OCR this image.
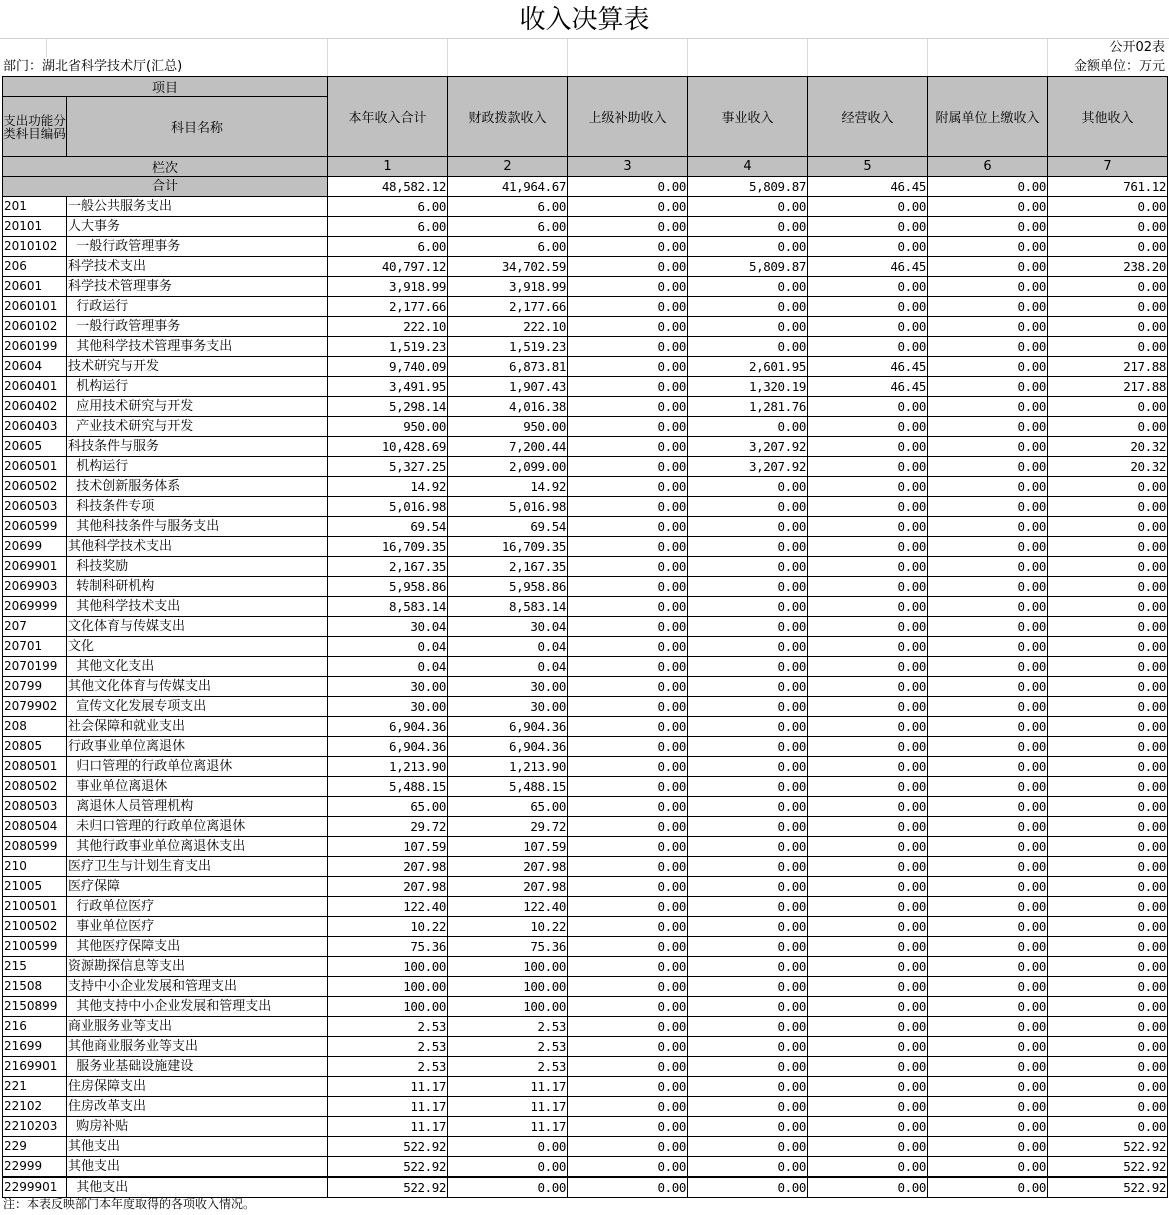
收入决算表
部门：湖北省科学技术厅(汇总)
公开02表
金额单位：万元
项目		本年收入合计	财政拨款收入	上级补助收入	事业收入	经营收入	附属单位上缴收入	其他收入
支出功能分类科目编码	科目名称							
栏次		1	2	3	4	5	6	7
合计		48,582.12	41,964.67	0.00	5,809.87	46.45	0.00	761.12
201	一般公共服务支出	6.00	6.00	0.00	0.00	0.00	0.00	0.00
20101	人大事务	6.00	6.00	0.00	0.00	0.00	0.00	0.00
2010102	一般行政管理事务	6.00	6.00	0.00	0.00	0.00	0.00	0.00
206	科学技术支出	40,797.12	34,702.59	0.00	5,809.87	46.45	0.00	238.20
20601	科学技术管理事务	3,918.99	3,918.99	0.00	0.00	0.00	0.00	0.00
2060101	行政运行	2,177.66	2,177.66	0.00	0.00	0.00	0.00	0.00
2060102	一般行政管理事务	222.10	222.10	0.00	0.00	0.00	0.00	0.00
2060199	其他科学技术管理事务支出	1,519.23	1,519.23	0.00	0.00	0.00	0.00	0.00
20604	技术研究与开发	9,740.09	6,873.81	0.00	2,601.95	46.45	0.00	217.88
2060401	机构运行	3,491.95	1,907.43	0.00	1,320.19	46.45	0.00	217.88
2060402	应用技术研究与开发	5,298.14	4,016.38	0.00	1,281.76	0.00	0.00	0.00
2060403	产业技术研究与开发	950.00	950.00	0.00	0.00	0.00	0.00	0.00
20605	科技条件与服务	10,428.69	7,200.44	0.00	3,207.92	0.00	0.00	20.32
2060501	机构运行	5,327.25	2,099.00	0.00	3,207.92	0.00	0.00	20.32
2060502	技术创新服务体系	14.92	14.92	0.00	0.00	0.00	0.00	0.00
2060503	科技条件专项	5,016.98	5,016.98	0.00	0.00	0.00	0.00	0.00
2060599	其他科技条件与服务支出	69.54	69.54	0.00	0.00	0.00	0.00	0.00
20699	其他科学技术支出	16,709.35	16,709.35	0.00	0.00	0.00	0.00	0.00
2069901	科技奖励	2,167.35	2,167.35	0.00	0.00	0.00	0.00	0.00
2069903	转制科研机构	5,958.86	5,958.86	0.00	0.00	0.00	0.00	0.00
2069999	其他科学技术支出	8,583.14	8,583.14	0.00	0.00	0.00	0.00	0.00
207	文化体育与传媒支出	30.04	30.04	0.00	0.00	0.00	0.00	0.00
20701	文化	0.04	0.04	0.00	0.00	0.00	0.00	0.00
2070199	其他文化支出	0.04	0.04	0.00	0.00	0.00	0.00	0.00
20799	其他文化体育与传媒支出	30.00	30.00	0.00	0.00	0.00	0.00	0.00
2079902	宣传文化发展专项支出	30.00	30.00	0.00	0.00	0.00	0.00	0.00
208	社会保障和就业支出	6,904.36	6,904.36	0.00	0.00	0.00	0.00	0.00
20805	行政事业单位离退休	6,904.36	6,904.36	0.00	0.00	0.00	0.00	0.00
2080501	归口管理的行政单位离退休	1,213.90	1,213.90	0.00	0.00	0.00	0.00	0.00
2080502	事业单位离退休	5,488.15	5,488.15	0.00	0.00	0.00	0.00	0.00
2080503	离退休人员管理机构	65.00	65.00	0.00	0.00	0.00	0.00	0.00
2080504	未归口管理的行政单位离退休	29.72	29.72	0.00	0.00	0.00	0.00	0.00
2080599	其他行政事业单位离退休支出	107.59	107.59	0.00	0.00	0.00	0.00	0.00
210	医疗卫生与计划生育支出	207.98	207.98	0.00	0.00	0.00	0.00	0.00
21005	医疗保障	207.98	207.98	0.00	0.00	0.00	0.00	0.00
2100501	行政单位医疗	122.40	122.40	0.00	0.00	0.00	0.00	0.00
2100502	事业单位医疗	10.22	10.22	0.00	0.00	0.00	0.00	0.00
2100599	其他医疗保障支出	75.36	75.36	0.00	0.00	0.00	0.00	0.00
215	资源勘探信息等支出	100.00	100.00	0.00	0.00	0.00	0.00	0.00
21508	支持中小企业发展和管理支出	100.00	100.00	0.00	0.00	0.00	0.00	0.00
2150899	其他支持中小企业发展和管理支出	100.00	100.00	0.00	0.00	0.00	0.00	0.00
216	商业服务业等支出	2.53	2.53	0.00	0.00	0.00	0.00	0.00
21699	其他商业服务业等支出	2.53	2.53	0.00	0.00	0.00	0.00	0.00
2169901	服务业基础设施建设	2.53	2.53	0.00	0.00	0.00	0.00	0.00
221	住房保障支出	11.17	11.17	0.00	0.00	0.00	0.00	0.00
22102	住房改革支出	11.17	11.17	0.00	0.00	0.00	0.00	0.00
2210203	购房补贴	11.17	11.17	0.00	0.00	0.00	0.00	0.00
229	其他支出	522.92	0.00	0.00	0.00	0.00	0.00	522.92
22999	其他支出	522.92	0.00	0.00	0.00	0.00	0.00	522.92
2299901	其他支出	522.92	0.00	0.00	0.00	0.00	0.00	522.92
注：本表反映部门本年度取得的各项收入情况。
